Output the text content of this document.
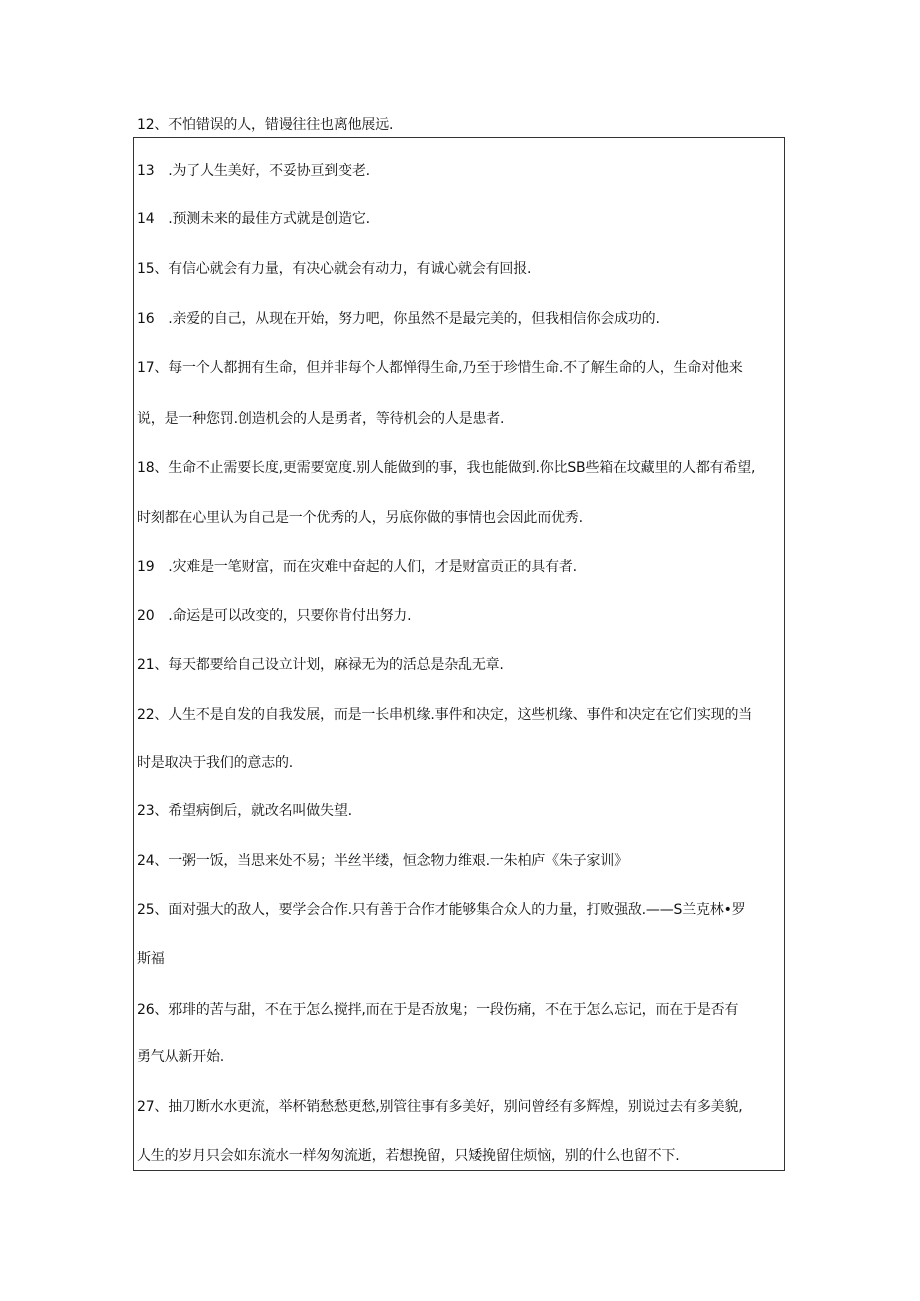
12、不怕错误的人，错谩往往也离他展远.
13　.为了人生美好，不妥协亘到变老.
14　.预测未来的最佳方式就是创造它.
15、有信心就会有力量，有决心就会有动力，有诚心就会有回报.
16　.亲爱的自己，从现在开始，努力吧，你虽然不是最完美的，但我相信你会成功的.
17、每一个人都拥有生命，但并非每个人都惮得生命,乃至于珍惜生命.不了解生命的人，生命对他来
说，是一种您罚.创造机会的人是勇者，等待机会的人是患者.
18、生命不止需要长度,更需要宽度.别人能做到的事，我也能做到.你比SB些箱在坟藏里的人都有希望,
时刻都在心里认为自己是一个优秀的人，另底你做的事情也会因此而优秀.
19　.灾难是一笔财富，而在灾难中奋起的人们，才是财富贡正的具有者.
20　.命运是可以改变的，只要你肯付出努力.
21、每天都要给自己设立计划，麻禄无为的活总是杂乱无章.
22、人生不是自发的自我发展，而是一长串机缘.事件和决定，这些机缘、事件和决定在它们实现的当
时是取决于我们的意志的.
23、希望病倒后，就改名叫做失望.
24、一粥一饭，当思来处不易；半丝半缕，恒念物力维艰.一朱柏庐《朱子家训》
25、面对强大的敌人，要学会合作.只有善于合作才能够集合众人的力量，打败强敌.——S兰克林•罗
斯福
26、邪琲的苦与甜，不在于怎么搅拌,而在于是否放鬼；一段伤痛，不在于怎么忘记，而在于是否有
勇气从新开始.
27、抽刀断水水更流，举杯销愁愁更愁,别管往事有多美好，别问曾经有多辉煌，别说过去有多美貌,
人生的岁月只会如东流水一样匆匆流逝，若想挽留，只矮挽留住烦恼，别的什么也留不下.
